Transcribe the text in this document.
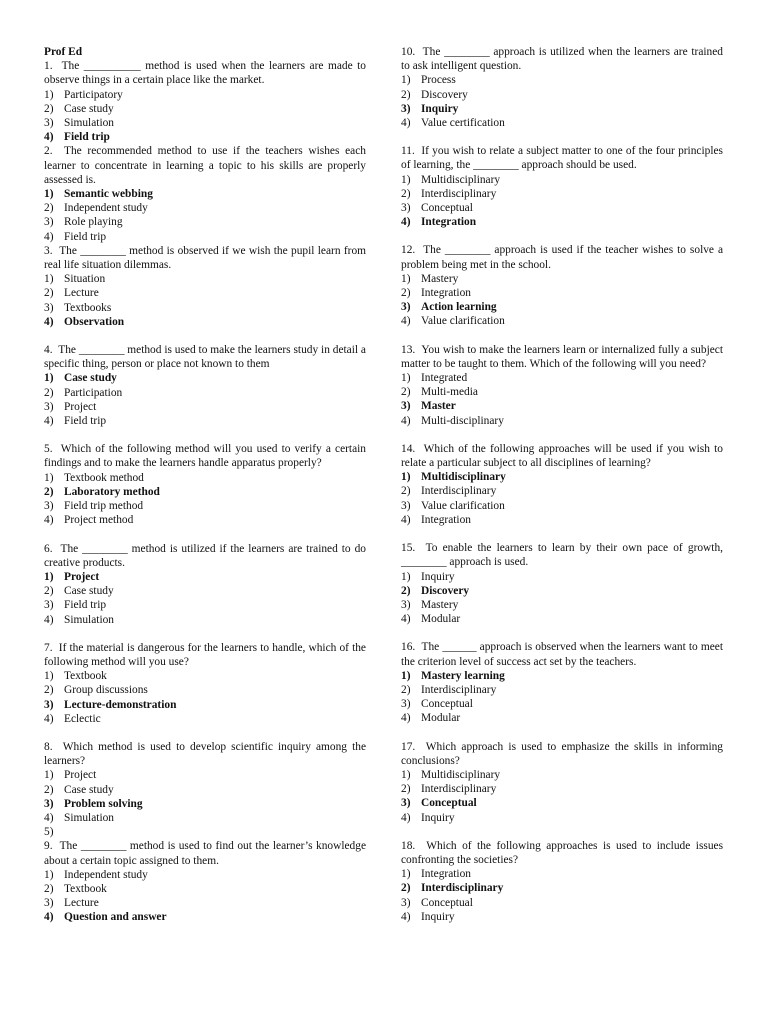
Prof Ed
1. The __________ method is used when the learners are made to observe things in a certain place like the market.
1) Participatory
2) Case study
3) Simulation
4) Field trip
2. The recommended method to use if the teachers wishes each learner to concentrate in learning a topic to his skills are properly assessed is.
1) Semantic webbing
2) Independent study
3) Role playing
4) Field trip
3. The ________ method is observed if we wish the pupil learn from real life situation dilemmas.
1) Situation
2) Lecture
3) Textbooks
4) Observation
4. The ________ method is used to make the learners study in detail a specific thing, person or place not known to them
1) Case study
2) Participation
3) Project
4) Field trip
5. Which of the following method will you used to verify a certain findings and to make the learners handle apparatus properly?
1) Textbook method
2) Laboratory method
3) Field trip method
4) Project method
6. The ________ method is utilized if the learners are trained to do creative products.
1) Project
2) Case study
3) Field trip
4) Simulation
7. If the material is dangerous for the learners to handle, which of the following method will you use?
1) Textbook
2) Group discussions
3) Lecture-demonstration
4) Eclectic
8. Which method is used to develop scientific inquiry among the learners?
1) Project
2) Case study
3) Problem solving
4) Simulation
5)
9. The ________ method is used to find out the learner’s knowledge about a certain topic assigned to them.
1) Independent study
2) Textbook
3) Lecture
4) Question and answer
10. The ________ approach is utilized when the learners are trained to ask intelligent question.
1) Process
2) Discovery
3) Inquiry
4) Value certification
11. If you wish to relate a subject matter to one of the four principles of learning, the ________ approach should be used.
1) Multidisciplinary
2) Interdisciplinary
3) Conceptual
4) Integration
12. The ________ approach is used if the teacher wishes to solve a problem being met in the school.
1) Mastery
2) Integration
3) Action learning
4) Value clarification
13. You wish to make the learners learn or internalized fully a subject matter to be taught to them. Which of the following will you need?
1) Integrated
2) Multi-media
3) Master
4) Multi-disciplinary
14. Which of the following approaches will be used if you wish to relate a particular subject to all disciplines of learning?
1) Multidisciplinary
2) Interdisciplinary
3) Value clarification
4) Integration
15. To enable the learners to learn by their own pace of growth, ________ approach is used.
1) Inquiry
2) Discovery
3) Mastery
4) Modular
16. The ______ approach is observed when the learners want to meet the criterion level of success act set by the teachers.
1) Mastery learning
2) Interdisciplinary
3) Conceptual
4) Modular
17. Which approach is used to emphasize the skills in informing conclusions?
1) Multidisciplinary
2) Interdisciplinary
3) Conceptual
4) Inquiry
18. Which of the following approaches is used to include issues confronting the societies?
1) Integration
2) Interdisciplinary
3) Conceptual
4) Inquiry
